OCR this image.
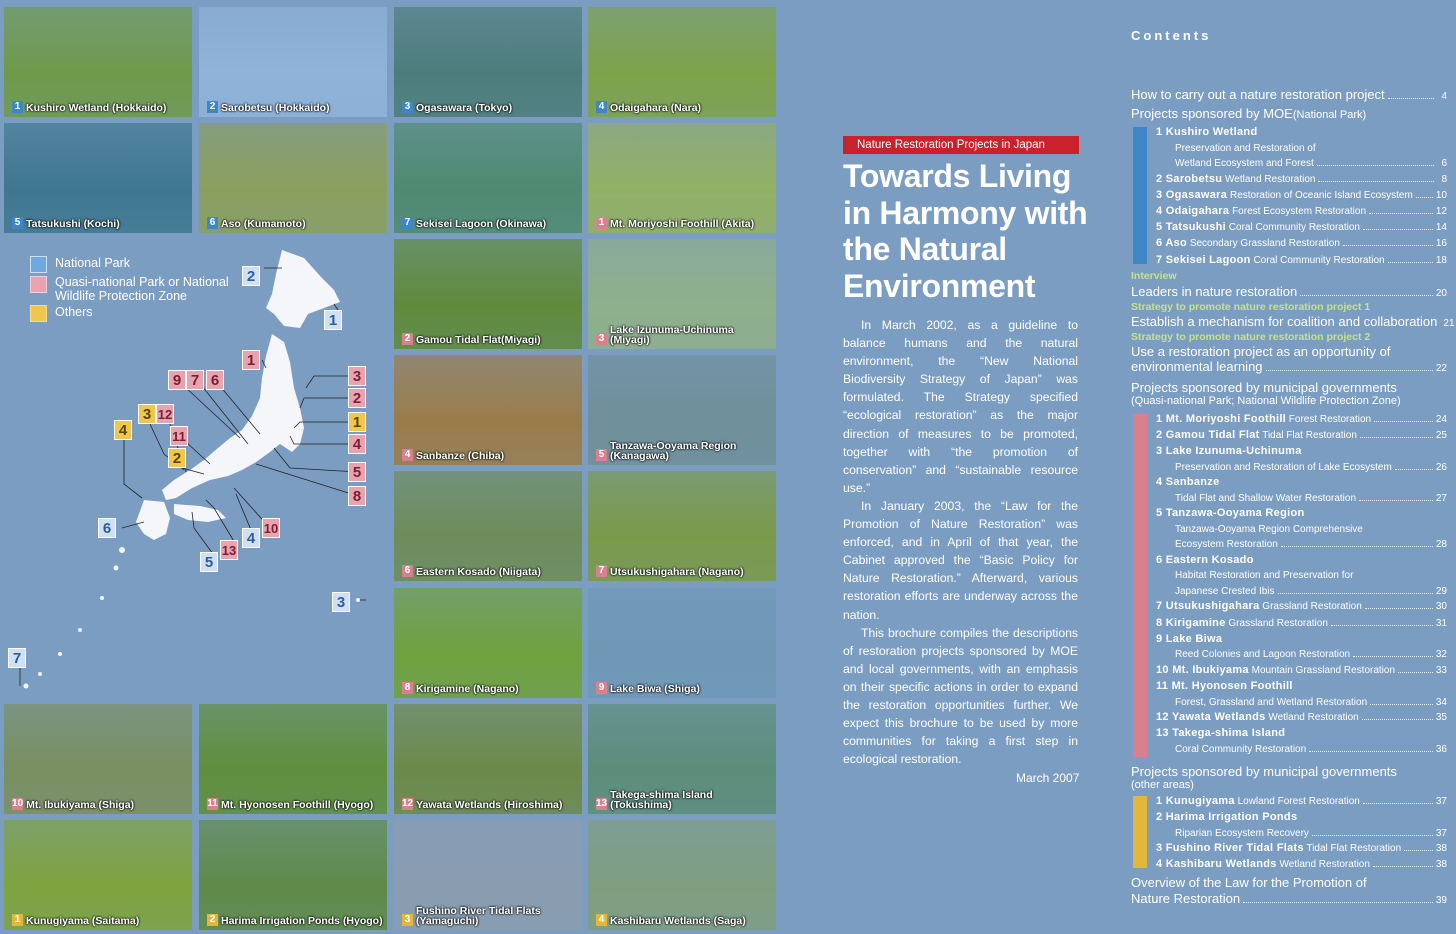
1 Kushiro Wetland (Hokkaido)	2 Sarobetsu (Hokkaido)	3 Ogasawara (Tokyo)	4 Odaigahara (Nara)
5 Tatsukushi (Kochi)	6 Aso (Kumamoto)	7 Sekisei Lagoon (Okinawa)	1 Mt. Moriyoshi Foothill (Akita)
2 Gamou Tidal Flat(Miyagi)	3
Lake Izunuma-Uchinuma (Miyagi)
4 Sanbanze (Chiba)	5
Tanzawa-Ooyama Region (Kanagawa)
6 Eastern Kosado (Niigata)	7 Utsukushigahara (Nagano)
8 Kirigamine (Nagano)	9 Lake Biwa (Shiga)
10 Mt. Ibukiyama (Shiga)	11 Mt. Hyonosen Foothill (Hyogo)	12 Yawata Wetlands (Hiroshima)	13
Takega-shima Island (Tokushima)
1 Kunugiyama (Saitama)	2 Harima Irrigation Ponds (Hyogo) 3
Fushino River Tidal Flats (Yamaguchi)	4 Kashibaru Wetlands (Saga)
National Park
Quasi-national Park or National Wildlife Protection Zone
Others
2
1
1
3
2
1
4
5
8
9 7 6
3 12
4	11
2
10
4
13
6
5
3
7
Nature Restoration Projects in Japan
Towards Living in Harmony with the Natural Environment

In March 2002, as a guideline to balance humans and the natural environment, the “New National Biodiversity Strategy of Japan” was formulated. The Strategy specified “ecological restoration” as the major direction of measures to be promoted, together with “the promotion of conservation” and “sustainable resource use.”

In January 2003, the “Law for the Promotion of Nature Restoration” was enforced, and in April of that year, the Cabinet approved the “Basic Policy for Nature Restoration.” Afterward, various restoration efforts are underway across the nation.

This brochure compiles the descriptions of restoration projects sponsored by MOE and local governments, with an emphasis on their specific actions in order to expand the restoration opportunities further. We expect this brochure to be used by more communities for taking a first step in ecological restoration.

March 2007
Contents
How to carry out a nature restoration project	4
Projects sponsored by MOE (National Park)
1 Kushiro Wetland
Preservation and Restoration of
Wetland Ecosystem and Forest	6
2 Sarobetsu Wetland Restoration	8
3 Ogasawara Restoration of Oceanic Island Ecosystem 10
4 Odaigahara Forest Ecosystem Restoration	12
5 Tatsukushi Coral Community Restoration	14
6 Aso Secondary Grassland Restoration	16
7 Sekisei Lagoon Coral Community Restoration	18
Interview
Leaders in nature restoration	20
Strategy to promote nature restoration project 1
Establish a mechanism for coalition and collaboration 21
Strategy to promote nature restoration project 2
Use a restoration project as an opportunity of
environmental learning	22
Projects sponsored by municipal governments
(Quasi-national Park; National Wildlife Protection Zone)
1 Mt. Moriyoshi Foothill Forest Restoration	24
2 Gamou Tidal Flat Tidal Flat Restoration	25
3 Lake Izunuma-Uchinuma
Preservation and Restoration of Lake Ecosystem	26
4 Sanbanze
Tidal Flat and Shallow Water Restoration	27
5 Tanzawa-Ooyama Region
Tanzawa-Ooyama Region Comprehensive
Ecosystem Restoration	28
6 Eastern Kosado
Habitat Restoration and Preservation for
Japanese Crested Ibis	29
7 Utsukushigahara Grassland Restoration	30
8 Kirigamine Grassland Restoration	31
9 Lake Biwa
Reed Colonies and Lagoon Restoration	32
10 Mt. Ibukiyama Mountain Grassland Restoration	33
11 Mt. Hyonosen Foothill
Forest, Grassland and Wetland Restoration	34
12 Yawata Wetlands Wetland Restoration	35
13 Takega-shima Island
Coral Community Restoration	36
Projects sponsored by municipal governments
(other areas)
1 Kunugiyama Lowland Forest Restoration	37
2 Harima Irrigation Ponds
Riparian Ecosystem Recovery	37
3 Fushino River Tidal Flats Tidal Flat Restoration	38
4 Kashibaru Wetlands Wetland Restoration	38
Overview of the Law for the Promotion of
Nature Restoration	39
